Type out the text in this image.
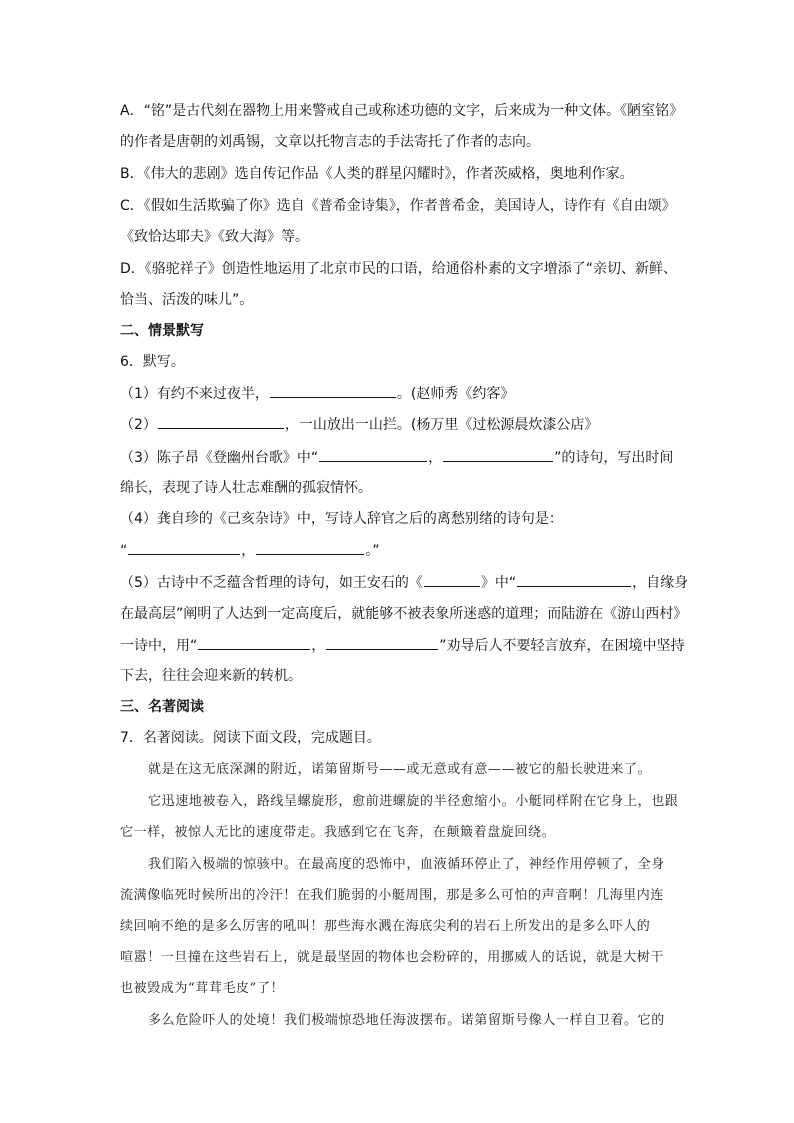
A．“铭”是古代刻在器物上用来警戒自己或称述功德的文字，后来成为一种文体。《陋室铭》
的作者是唐朝的刘禹锡，文章以托物言志的手法寄托了作者的志向。
B．《伟大的悲剧》选自传记作品《人类的群星闪耀时》，作者茨威格，奥地利作家。
C．《假如生活欺骗了你》选自《普希金诗集》，作者普希金，美国诗人，诗作有《自由颂》
《致恰达耶夫》《致大海》等。
D．《骆驼祥子》创造性地运用了北京市民的口语，给通俗朴素的文字增添了“亲切、新鲜、
恰当、活泼的味儿”。
二、情景默写
6．默写。
（1）有约不来过夜半，	。(赵师秀《约客》
（2）	，一山放出一山拦。(杨万里《过松源晨炊漆公店》
（3）陈子昂《登幽州台歌》中“	，	”的诗句，写出时间
绵长，表现了诗人壮志难酬的孤寂情怀。
（4）龚自珍的《己亥杂诗》中，写诗人辞官之后的离愁别绪的诗句是：
“	，	。”
（5）古诗中不乏蕴含哲理的诗句，如王安石的《	》中“	，自缘身
在最高层”阐明了人达到一定高度后，就能够不被表象所迷惑的道理；而陆游在《游山西村》
一诗中，用“	，	”劝导后人不要轻言放弃，在困境中坚持
下去，往往会迎来新的转机。
三、名著阅读
7．名著阅读。阅读下面文段，完成题目。
就是在这无底深渊的附近，诺第留斯号——或无意或有意——被它的船长驶进来了。
它迅速地被卷入，路线呈螺旋形，愈前进螺旋的半径愈缩小。小艇同样附在它身上，也跟
它一样，被惊人无比的速度带走。我感到它在飞奔，在颠簸着盘旋回绕。
我们陷入极端的惊骇中。在最高度的恐怖中，血液循环停止了，神经作用停顿了，全身
流满像临死时候所出的冷汗！在我们脆弱的小艇周围，那是多么可怕的声音啊！几海里内连
续回响不绝的是多么厉害的吼叫！那些海水溅在海底尖利的岩石上所发出的是多么吓人的
喧嚣！一旦撞在这些岩石上，就是最坚固的物体也会粉碎的，用挪威人的话说，就是大树干
也被毁成为“茸茸毛皮”了！
多么危险吓人的处境！我们极端惊恐地任海波摆布。诺第留斯号像人一样自卫着。它的
